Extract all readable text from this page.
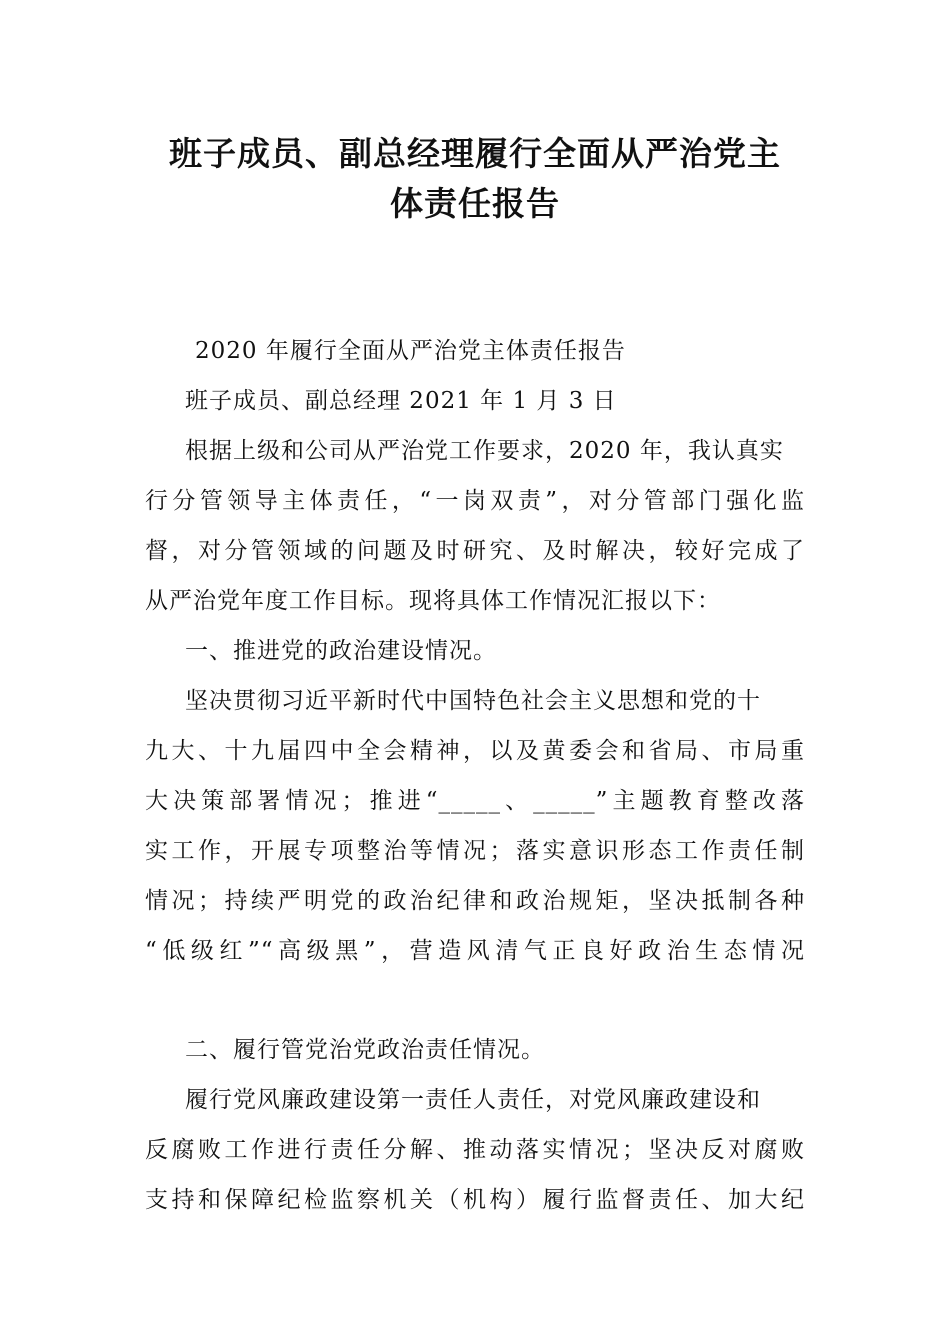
班子成员、副总经理履行全面从严治党主
体责任报告

2020 年履行全面从严治党主体责任报告

班子成员、副总经理 2021 年 1 月 3 日

根据上级和公司从严治党工作要求，2020 年，我认真实

行分管领导主体责任，“一岗双责”，对分管部门强化监

督，对分管领域的问题及时研究、及时解决，较好完成了

从严治党年度工作目标。现将具体工作情况汇报以下：

一、推进党的政治建设情况。

坚决贯彻习近平新时代中国特色社会主义思想和党的十

九大、十九届四中全会精神，以及黄委会和省局、市局重

大决策部署情况；推进“_____、_____”主题教育整改落

实工作，开展专项整治等情况；落实意识形态工作责任制

情况；持续严明党的政治纪律和政治规矩，坚决抵制各种

“低级红”“高级黑”，营造风清气正良好政治生态情况

二、履行管党治党政治责任情况。

履行党风廉政建设第一责任人责任，对党风廉政建设和

反腐败工作进行责任分解、推动落实情况；坚决反对腐败

支持和保障纪检监察机关（机构）履行监督责任、加大纪
